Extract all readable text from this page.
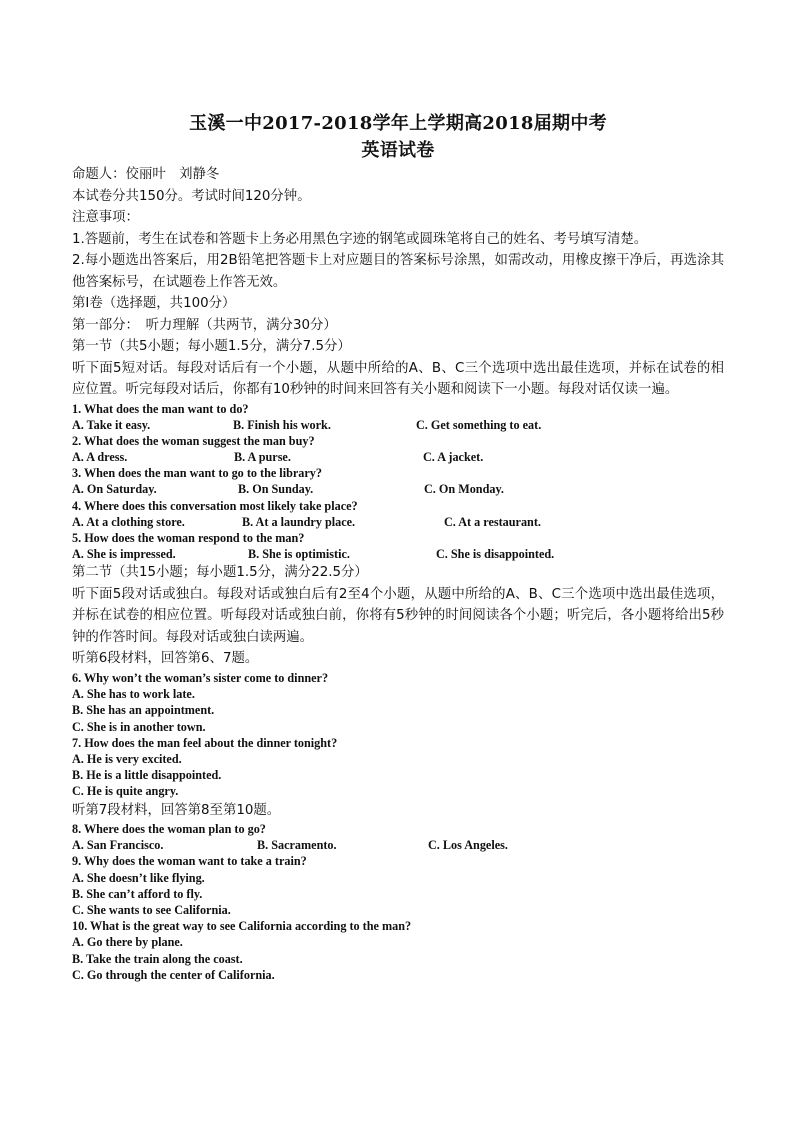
玉溪一中2017-2018学年上学期高2018届期中考

英语试卷

命题人：佼丽叶　刘静冬

本试卷分共150分。考试时间120分钟。

注意事项：

1.答题前，考生在试卷和答题卡上务必用黑色字迹的钢笔或圆珠笔将自己的姓名、考号填写清楚。

2.每小题选出答案后，用2B铅笔把答题卡上对应题目的答案标号涂黑，如需改动，用橡皮擦干净后，再选涂其他答案标号，在试题卷上作答无效。

第Ⅰ卷（选择题，共100分）

第一部分：　听力理解（共两节，满分30分）

第一节（共5小题；每小题1.5分，满分7.5分）

听下面5短对话。每段对话后有一个小题，从题中所给的A、B、C三个选项中选出最佳选项，并标在试卷的相应位置。听完每段对话后，你都有10秒钟的时间来回答有关小题和阅读下一小题。每段对话仅读一遍。

1. What does the man want to do?

A. Take it easy.	B. Finish his work.	C. Get something to eat.

2. What does the woman suggest the man buy?

A. A dress.	B. A purse.	C. A jacket.

3. When does the man want to go to the library?

A. On Saturday.	B. On Sunday.	C. On Monday.

4. Where does this conversation most likely take place?

A. At a clothing store.	B. At a laundry place.	C. At a restaurant.

5. How does the woman respond to the man?

A. She is impressed.	B. She is optimistic.	C. She is disappointed.

第二节（共15小题；每小题1.5分，满分22.5分）

听下面5段对话或独白。每段对话或独白后有2至4个小题，从题中所给的A、B、C三个选项中选出最佳选项，并标在试卷的相应位置。听每段对话或独白前，你将有5秒钟的时间阅读各个小题；听完后，各小题将给出5秒钟的作答时间。每段对话或独白读两遍。

听第6段材料，回答第6、7题。

6. Why won’t the woman’s sister come to dinner?

A. She has to work late.

B. She has an appointment.

C. She is in another town.

7. How does the man feel about the dinner tonight?

A. He is very excited.

B. He is a little disappointed.

C. He is quite angry.

听第7段材料，回答第8至第10题。

8. Where does the woman plan to go?

A. San Francisco.	B. Sacramento.	C. Los Angeles.

9. Why does the woman want to take a train?

A. She doesn’t like flying.

B. She can’t afford to fly.

C. She wants to see California.

10. What is the great way to see California according to the man?

A. Go there by plane.

B. Take the train along the coast.

C. Go through the center of California.
